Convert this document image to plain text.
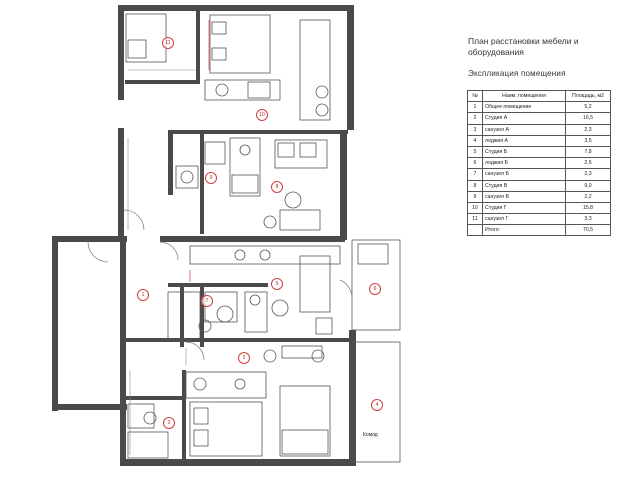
План расстановки мебели и
оборудования
Экспликация помещения
№	Наим. помещения	Площадь, м2
1	Общее помещение	5,2
2	Студия А	16,5
3	санузел А	2,3
4	лоджия А	3,5
5	Студия Б	7,8
6	лоджия Б	2,6
7	санузел Б	2,3
8	Студия В	9,0
9	санузел В	2,2
10	Студия Г	15,8
11	санузел Г	3,3
	Итого:	70,5
1
2
3
4
5
6
7
8
9
10
11
Комод
